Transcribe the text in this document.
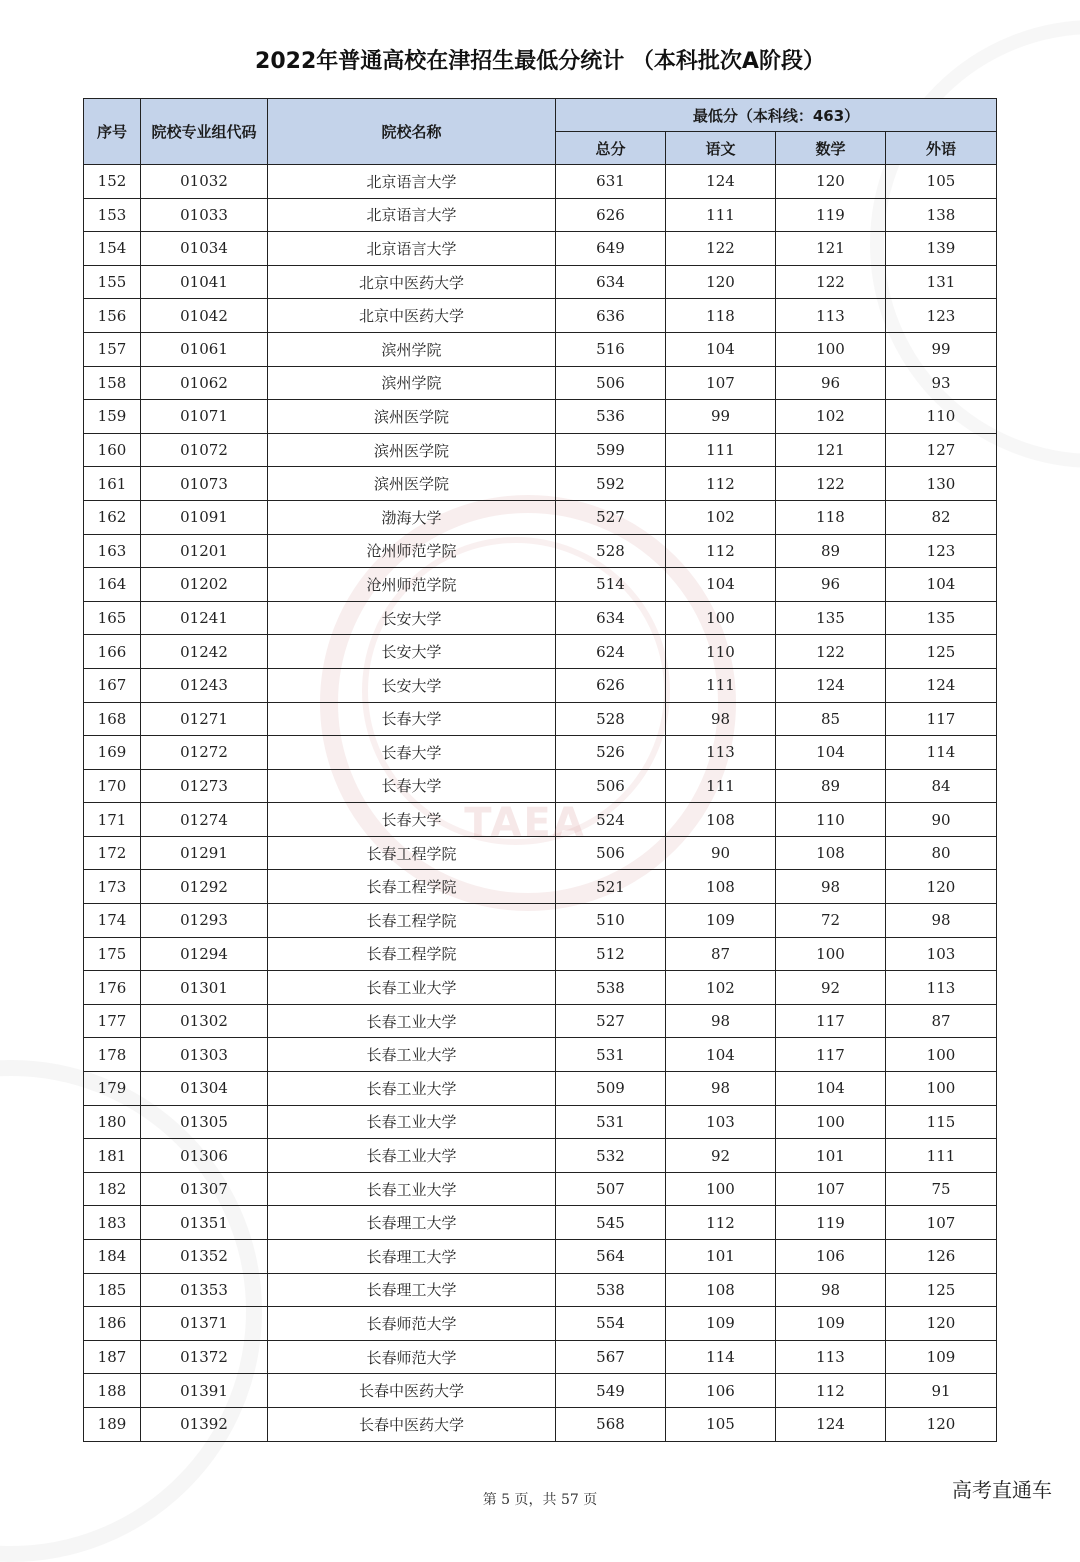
2022年普通高校在津招生最低分统计 （本科批次A阶段）
序号	院校专业组代码	院校名称	最低分（本科线：463）			
			总分	语文	数学	外语
152	01032	北京语言大学	631	124	120	105
153	01033	北京语言大学	626	111	119	138
154	01034	北京语言大学	649	122	121	139
155	01041	北京中医药大学	634	120	122	131
156	01042	北京中医药大学	636	118	113	123
157	01061	滨州学院	516	104	100	99
158	01062	滨州学院	506	107	96	93
159	01071	滨州医学院	536	99	102	110
160	01072	滨州医学院	599	111	121	127
161	01073	滨州医学院	592	112	122	130
162	01091	渤海大学	527	102	118	82
163	01201	沧州师范学院	528	112	89	123
164	01202	沧州师范学院	514	104	96	104
165	01241	长安大学	634	100	135	135
166	01242	长安大学	624	110	122	125
167	01243	长安大学	626	111	124	124
168	01271	长春大学	528	98	85	117
169	01272	长春大学	526	113	104	114
170	01273	长春大学	506	111	89	84
171	01274	长春大学	524	108	110	90
172	01291	长春工程学院	506	90	108	80
173	01292	长春工程学院	521	108	98	120
174	01293	长春工程学院	510	109	72	98
175	01294	长春工程学院	512	87	100	103
176	01301	长春工业大学	538	102	92	113
177	01302	长春工业大学	527	98	117	87
178	01303	长春工业大学	531	104	117	100
179	01304	长春工业大学	509	98	104	100
180	01305	长春工业大学	531	103	100	115
181	01306	长春工业大学	532	92	101	111
182	01307	长春工业大学	507	100	107	75
183	01351	长春理工大学	545	112	119	107
184	01352	长春理工大学	564	101	106	126
185	01353	长春理工大学	538	108	98	125
186	01371	长春师范大学	554	109	109	120
187	01372	长春师范大学	567	114	113	109
188	01391	长春中医药大学	549	106	112	91
189	01392	长春中医药大学	568	105	124	120
TAEA
第 5 页，共 57 页	高考直通车
